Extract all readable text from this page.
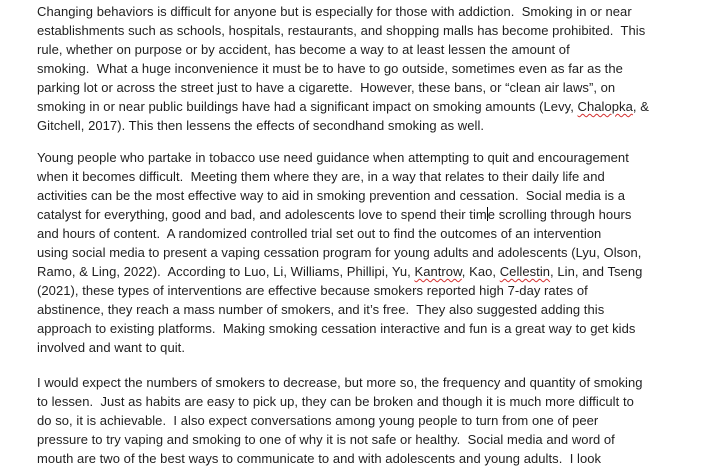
Changing behaviors is difficult for anyone but is especially for those with addiction.  Smoking in or near
establishments such as schools, hospitals, restaurants, and shopping malls has become prohibited.  This
rule, whether on purpose or by accident, has become a way to at least lessen the amount of
smoking.  What a huge inconvenience it must be to have to go outside, sometimes even as far as the
parking lot or across the street just to have a cigarette.  However, these bans, or “clean air laws”, on
smoking in or near public buildings have had a significant impact on smoking amounts (Levy, Chalopka, &
Gitchell, 2017). This then lessens the effects of secondhand smoking as well.

Young people who partake in tobacco use need guidance when attempting to quit and encouragement
when it becomes difficult.  Meeting them where they are, in a way that relates to their daily life and
activities can be the most effective way to aid in smoking prevention and cessation.  Social media is a
catalyst for everything, good and bad, and adolescents love to spend their time scrolling through hours
and hours of content.  A randomized controlled trial set out to find the outcomes of an intervention
using social media to present a vaping cessation program for young adults and adolescents (Lyu, Olson,
Ramo, & Ling, 2022).  According to Luo, Li, Williams, Phillipi, Yu, Kantrow, Kao, Cellestin, Lin, and Tseng
(2021), these types of interventions are effective because smokers reported high 7-day rates of
abstinence, they reach a mass number of smokers, and it’s free.  They also suggested adding this
approach to existing platforms.  Making smoking cessation interactive and fun is a great way to get kids
involved and want to quit.

I would expect the numbers of smokers to decrease, but more so, the frequency and quantity of smoking
to lessen.  Just as habits are easy to pick up, they can be broken and though it is much more difficult to
do so, it is achievable.  I also expect conversations among young people to turn from one of peer
pressure to try vaping and smoking to one of why it is not safe or healthy.  Social media and word of
mouth are two of the best ways to communicate to and with adolescents and young adults.  I look
